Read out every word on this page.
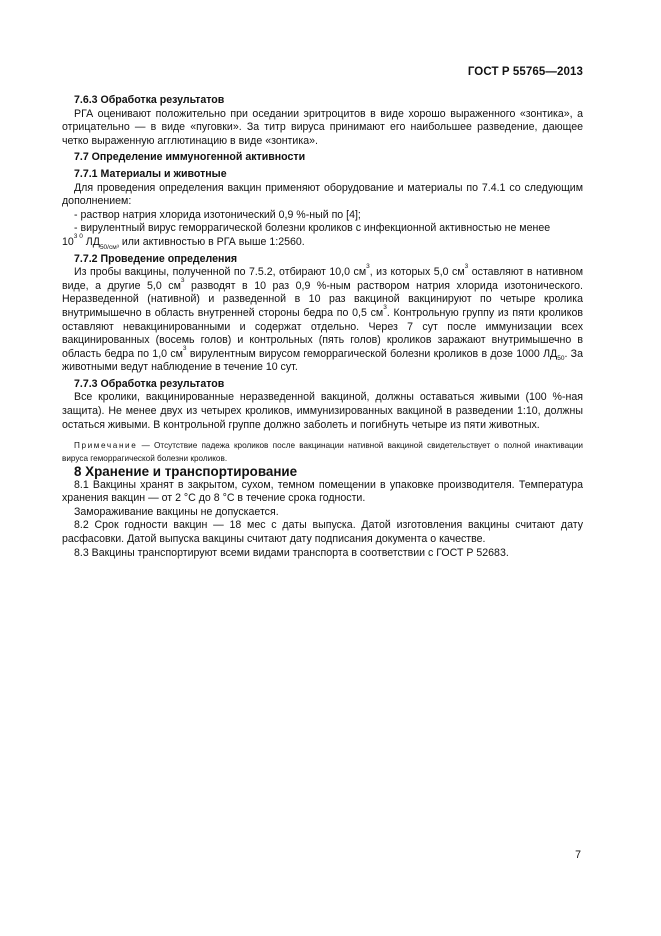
ГОСТ Р 55765—2013

7.6.3 Обработка результатов

РГА оценивают положительно при оседании эритроцитов в виде хорошо выраженного «зонтика», а отрицательно — в виде «пуговки». За титр вируса принимают его наибольшее разведение, дающее четко выраженную агглютинацию в виде «зонтика».

7.7 Определение иммуногенной активности

7.7.1 Материалы и животные

Для проведения определения вакцин применяют оборудование и материалы по 7.4.1 со следующим дополнением:

- раствор натрия хлорида изотонический 0,9 %-ный по [4];

- вирулентный вирус геморрагической болезни кроликов с инфекционной активностью не менее

$10^{3 0}$ $ЛД_{50/см^3}$ или активностью в РГА выше 1:2560.

7.7.2 Проведение определения

Из пробы вакцины, полученной по 7.5.2, отбирают 10,0 $см^3$, из которых 5,0 $см^3$ оставляют в нативном виде, а другие 5,0 $см^3$ разводят в 10 раз 0,9 %-ным раствором натрия хлорида изотонического. Неразведенной (нативной) и разведенной в 10 раз вакциной вакцинируют по четыре кролика внутримышечно в область внутренней стороны бедра по 0,5 $см^3$. Контрольную группу из пяти кроликов оставляют невакцинированными и содержат отдельно. Через 7 сут после иммунизации всех вакцинированных (восемь голов) и контрольных (пять голов) кроликов заражают внутримышечно в область бедра по 1,0 $см^3$ вирулентным вирусом геморрагической болезни кроликов в дозе 1000 $ЛД_{50}$. За животными ведут наблюдение в течение 10 сут.

7.7.3 Обработка результатов

Все кролики, вакцинированные неразведенной вакциной, должны оставаться живыми (100 %-ная защита). Не менее двух из четырех кроликов, иммунизированных вакциной в разведении 1:10, должны остаться живыми. В контрольной группе должно заболеть и погибнуть четыре из пяти животных.

Примечание — Отсутствие падежа кроликов после вакцинации нативной вакциной свидетельствует о полной инактивации вируса геморрагической болезни кроликов.

8 Хранение и транспортирование

8.1 Вакцины хранят в закрытом, сухом, темном помещении в упаковке производителя. Температура хранения вакцин — от 2 °С до 8 °С в течение срока годности.

Замораживание вакцины не допускается.

8.2 Срок годности вакцин — 18 мес с даты выпуска. Датой изготовления вакцины считают дату расфасовки. Датой выпуска вакцины считают дату подписания документа о качестве.

8.3 Вакцины транспортируют всеми видами транспорта в соответствии с ГОСТ Р 52683.

7
